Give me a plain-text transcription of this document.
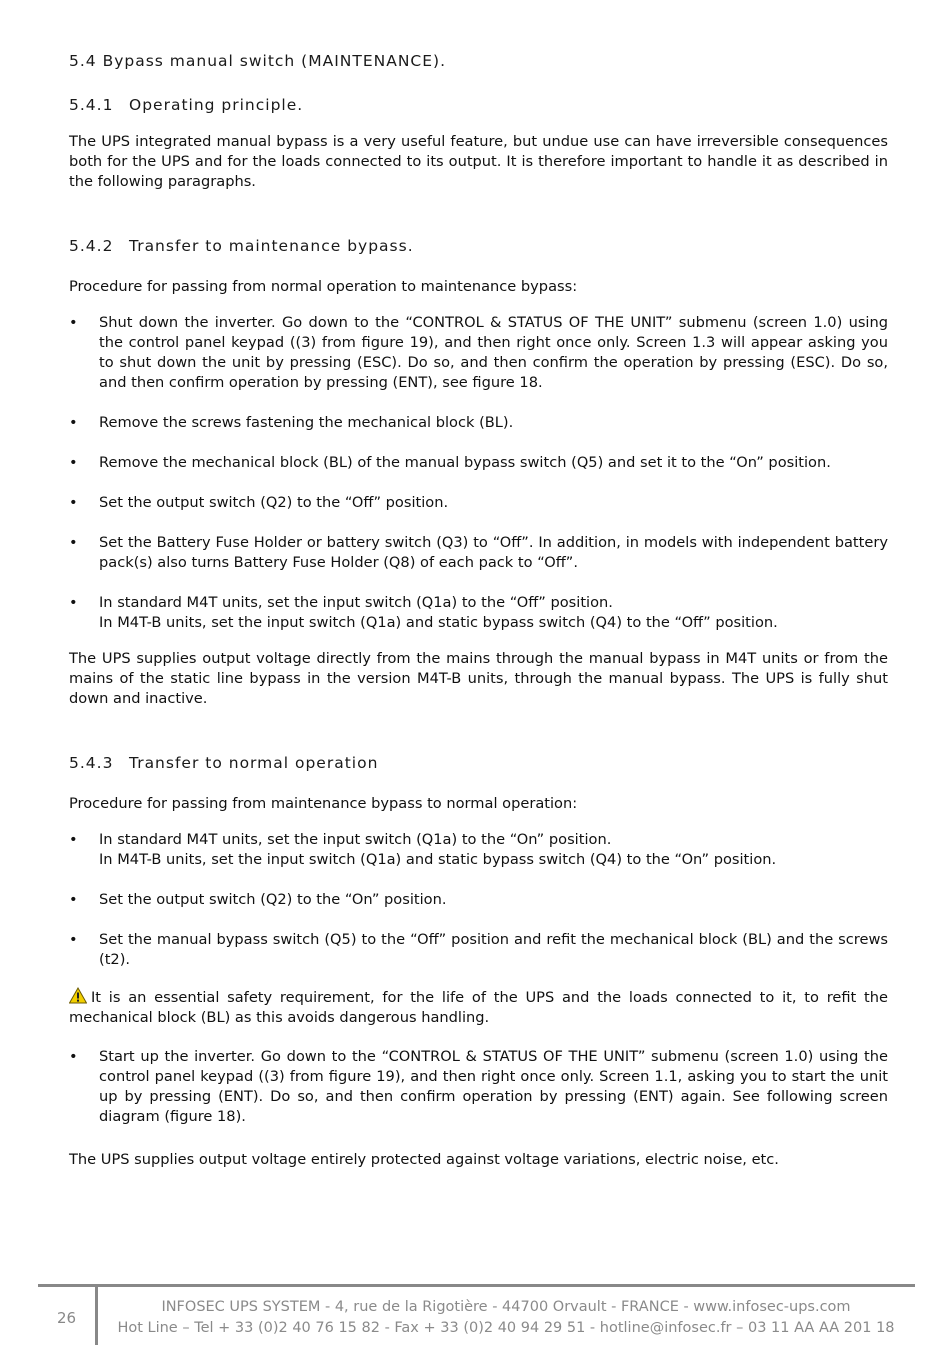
5.4 Bypass manual switch (MAINTENANCE).
5.4.1 Operating principle.
The UPS integrated manual bypass is a very useful feature, but undue use can have irreversible consequences both for the UPS and for the loads connected to its output. It is therefore important to handle it as described in the following paragraphs.
5.4.2 Transfer to maintenance bypass.
Procedure for passing from normal operation to maintenance bypass:
•	Shut down the inverter. Go down to the “CONTROL & STATUS OF THE UNIT” submenu (screen 1.0) using the control panel keypad ((3) from figure 19), and then right once only. Screen 1.3 will appear asking you to shut down the unit by pressing (ESC). Do so, and then confirm the operation by pressing (ESC). Do so, and then confirm operation by pressing (ENT), see figure 18.
•	Remove the screws fastening the mechanical block (BL).
•	Remove the mechanical block (BL) of the manual bypass switch (Q5) and set it to the “On” position.
•	Set the output switch (Q2) to the “Off” position.
•	Set the Battery Fuse Holder or battery switch (Q3) to “Off”. In addition, in models with independent battery pack(s) also turns Battery Fuse Holder (Q8) of each pack to “Off”.
•	In standard M4T units, set the input switch (Q1a) to the “Off” position.
In M4T-B units, set the input switch (Q1a) and static bypass switch (Q4) to the “Off” position.
The UPS supplies output voltage directly from the mains through the manual bypass in M4T units or from the mains of the static line bypass in the version M4T-B units, through the manual bypass. The UPS is fully shut down and inactive.
5.4.3 Transfer to normal operation
Procedure for passing from maintenance bypass to normal operation:
•	In standard M4T units, set the input switch (Q1a) to the “On” position.
In M4T-B units, set the input switch (Q1a) and static bypass switch (Q4) to the “On” position.
•	Set the output switch (Q2) to the “On” position.
•	Set the manual bypass switch (Q5) to the “Off” position and refit the mechanical block (BL) and the screws (t2).
It is an essential safety requirement, for the life of the UPS and the loads connected to it, to refit the mechanical block (BL) as this avoids dangerous handling.
•	Start up the inverter. Go down to the “CONTROL & STATUS OF THE UNIT” submenu (screen 1.0) using the control panel keypad ((3) from figure 19), and then right once only. Screen 1.1, asking you to start the unit up by pressing (ENT). Do so, and then confirm operation by pressing (ENT) again. See following screen diagram (figure 18).
The UPS supplies output voltage entirely protected against voltage variations, electric noise, etc.
26
INFOSEC UPS SYSTEM - 4, rue de la Rigotière - 44700 Orvault - FRANCE - www.infosec-ups.com
Hot Line – Tel + 33 (0)2 40 76 15 82 - Fax + 33 (0)2 40 94 29 51 - hotline@infosec.fr – 03 11 AA AA 201 18
